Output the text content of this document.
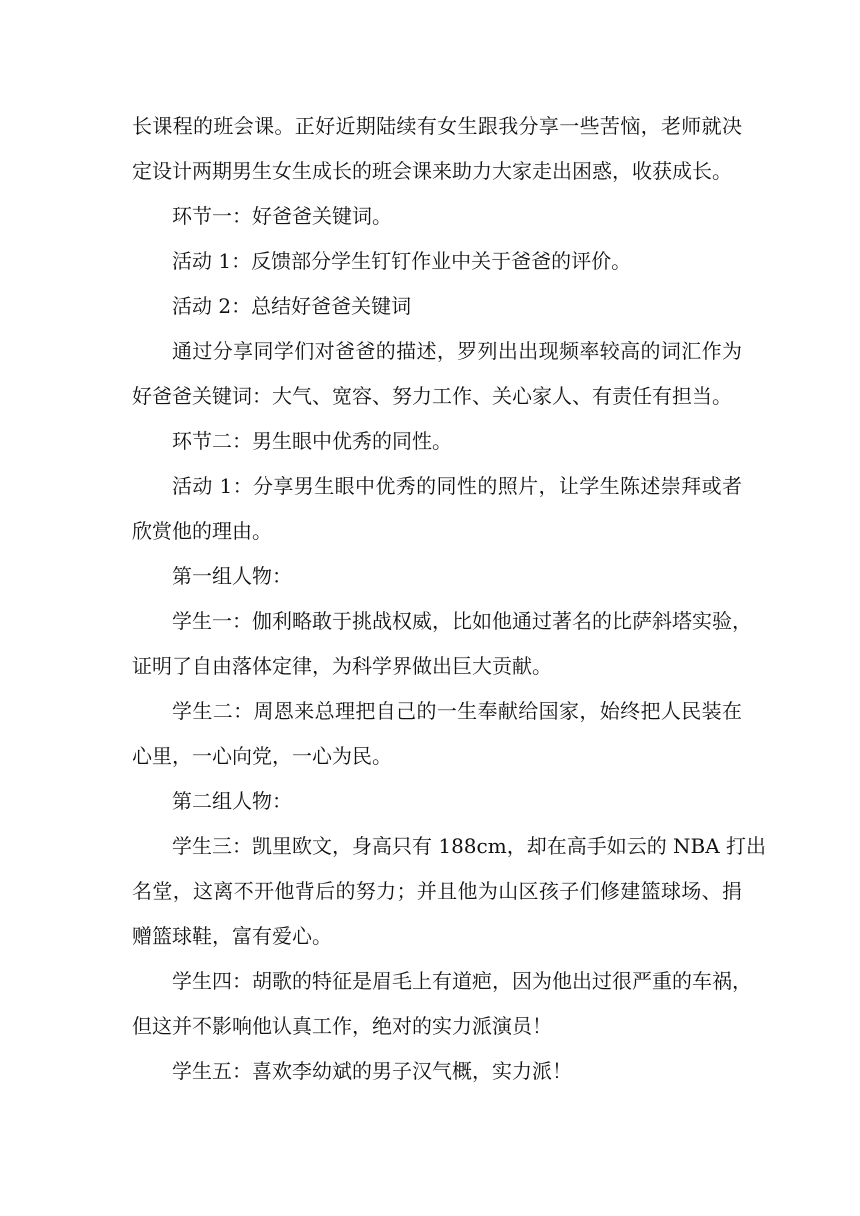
长课程的班会课。正好近期陆续有女生跟我分享一些苦恼，老师就决
定设计两期男生女生成长的班会课来助力大家走出困惑，收获成长。

环节一：好爸爸关键词。

活动 1：反馈部分学生钉钉作业中关于爸爸的评价。

活动 2：总结好爸爸关键词

通过分享同学们对爸爸的描述，罗列出出现频率较高的词汇作为
好爸爸关键词：大气、宽容、努力工作、关心家人、有责任有担当。

环节二：男生眼中优秀的同性。

活动 1：分享男生眼中优秀的同性的照片，让学生陈述崇拜或者
欣赏他的理由。

第一组人物：

学生一：伽利略敢于挑战权威，比如他通过著名的比萨斜塔实验，
证明了自由落体定律，为科学界做出巨大贡献。

学生二：周恩来总理把自己的一生奉献给国家，始终把人民装在
心里，一心向党，一心为民。

第二组人物：

学生三：凯里欧文，身高只有 188cm，却在高手如云的 NBA 打出
名堂，这离不开他背后的努力；并且他为山区孩子们修建篮球场、捐
赠篮球鞋，富有爱心。

学生四：胡歌的特征是眉毛上有道疤，因为他出过很严重的车祸，
但这并不影响他认真工作，绝对的实力派演员！

学生五：喜欢李幼斌的男子汉气概，实力派！
